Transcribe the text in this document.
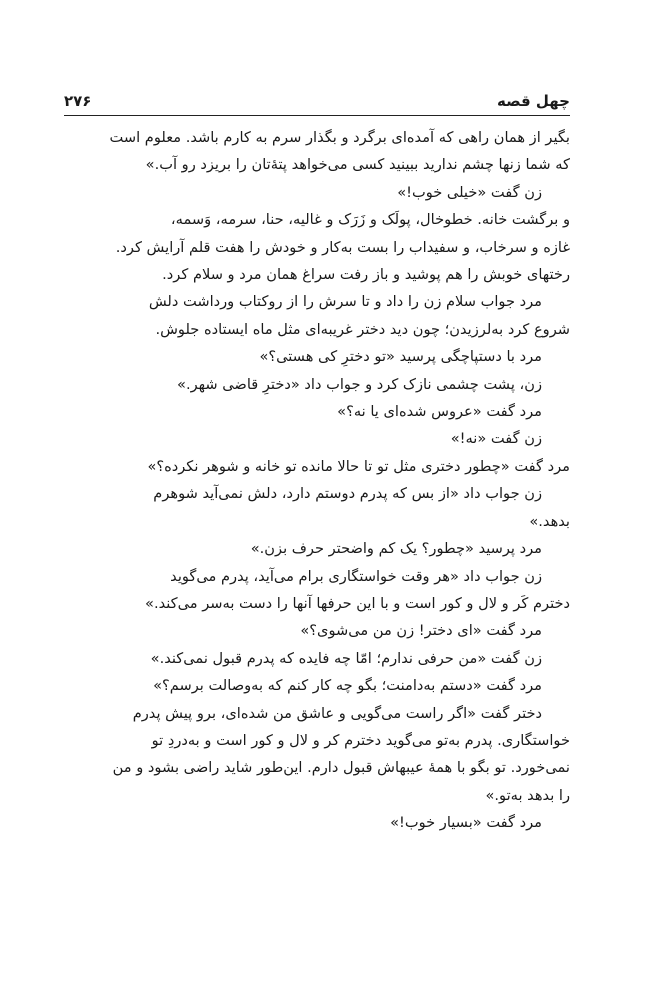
چهل قصه
۲۷۶

بگیر از همان راهی که آمده‌ای برگرد و بگذار سرم به کارم باشد. معلوم است

که شما زنها چشم ندارید ببینید کسی می‌خواهد پتهٔ‌تان را بریزد رو آب.»

زن گفت «خیلی خوب!»

و برگشت خانه. خطوخال، پولَک و زَرَک و غالیه، حنا، سرمه، وَسمه،

غازه و سرخاب، و سفیداب را بست به‌کار و خودش را هفت قلم آرایش کرد.

رختهای خوبش را هم پوشید و باز رفت سراغ همان مرد و سلام کرد.

مرد جواب سلام زن را داد و تا سرش را از روکتاب ورداشت دلش

شروع کرد به‌لرزیدن؛ چون دید دختر غریبه‌ای مثل ماه ایستاده جلوش.

مرد با دستپاچگی پرسید «تو دخترِ کی هستی؟»

زن، پشت چشمی نازک کرد و جواب داد «دخترِ قاضی شهر.»

مرد گفت «عروس شده‌ای یا نه؟»

زن گفت «نه!»

مرد گفت «چطور دختری مثل تو تا حالا مانده تو خانه و شوهر نکرده؟»

زن جواب داد «از بس که پدرم دوستم دارد، دلش نمی‌آید شوهرم

بدهد.»

مرد پرسید «چطور؟ یک کم واضحتر حرف بزن.»

زن جواب داد «هر وقت خواستگاری برام می‌آید، پدرم می‌گوید

دخترم کَر و لال و کور است و با این حرفها آنها را دست به‌سر می‌کند.»

مرد گفت «ای دختر! زن من می‌شوی؟»

زن گفت «من حرفی ندارم؛ امّا چه فایده که پدرم قبول نمی‌کند.»

مرد گفت «دستم به‌دامنت؛ بگو چه کار کنم که به‌وصالت برسم؟»

دختر گفت «اگر راست می‌گویی و عاشق من شده‌ای، برو پیش پدرم

خواستگاری. پدرم به‌تو می‌گوید دخترم کر و لال و کور است و به‌دردِ تو

نمی‌خورد. تو بگو با همهٔ عیبهاش قبول دارم. این‌طور شاید راضی بشود و من

را بدهد به‌تو.»

مرد گفت «بسیار خوب!»
